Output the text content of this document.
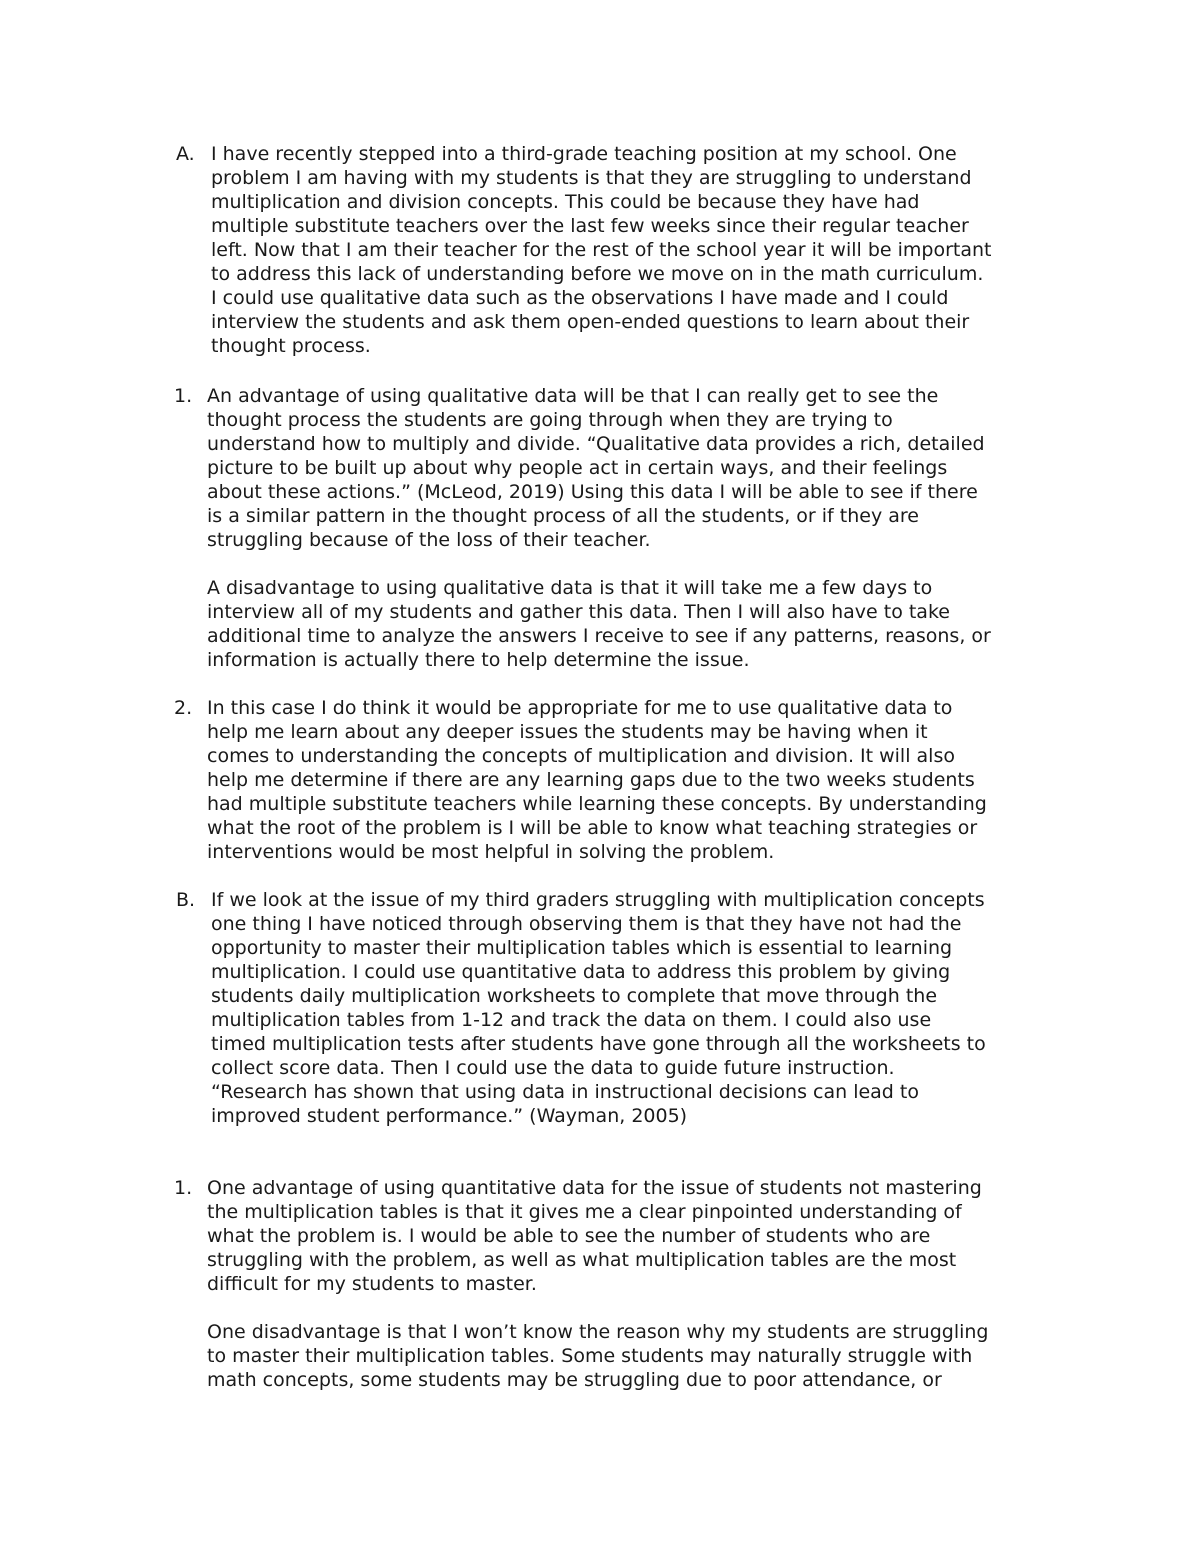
A. I have recently stepped into a third-grade teaching position at my school. One
problem I am having with my students is that they are struggling to understand
multiplication and division concepts. This could be because they have had
multiple substitute teachers over the last few weeks since their regular teacher
left. Now that I am their teacher for the rest of the school year it will be important
to address this lack of understanding before we move on in the math curriculum.
I could use qualitative data such as the observations I have made and I could
interview the students and ask them open-ended questions to learn about their
thought process.
1. An advantage of using qualitative data will be that I can really get to see the
thought process the students are going through when they are trying to
understand how to multiply and divide. “Qualitative data provides a rich, detailed
picture to be built up about why people act in certain ways, and their feelings
about these actions.” (McLeod, 2019) Using this data I will be able to see if there
is a similar pattern in the thought process of all the students, or if they are
struggling because of the loss of their teacher.
A disadvantage to using qualitative data is that it will take me a few days to
interview all of my students and gather this data. Then I will also have to take
additional time to analyze the answers I receive to see if any patterns, reasons, or
information is actually there to help determine the issue.
2. In this case I do think it would be appropriate for me to use qualitative data to
help me learn about any deeper issues the students may be having when it
comes to understanding the concepts of multiplication and division. It will also
help me determine if there are any learning gaps due to the two weeks students
had multiple substitute teachers while learning these concepts. By understanding
what the root of the problem is I will be able to know what teaching strategies or
interventions would be most helpful in solving the problem.
B. If we look at the issue of my third graders struggling with multiplication concepts
one thing I have noticed through observing them is that they have not had the
opportunity to master their multiplication tables which is essential to learning
multiplication. I could use quantitative data to address this problem by giving
students daily multiplication worksheets to complete that move through the
multiplication tables from 1-12 and track the data on them. I could also use
timed multiplication tests after students have gone through all the worksheets to
collect score data. Then I could use the data to guide future instruction.
“Research has shown that using data in instructional decisions can lead to
improved student performance.” (Wayman, 2005)
1. One advantage of using quantitative data for the issue of students not mastering
the multiplication tables is that it gives me a clear pinpointed understanding of
what the problem is. I would be able to see the number of students who are
struggling with the problem, as well as what multiplication tables are the most
difficult for my students to master.
One disadvantage is that I won’t know the reason why my students are struggling
to master their multiplication tables. Some students may naturally struggle with
math concepts, some students may be struggling due to poor attendance, or
